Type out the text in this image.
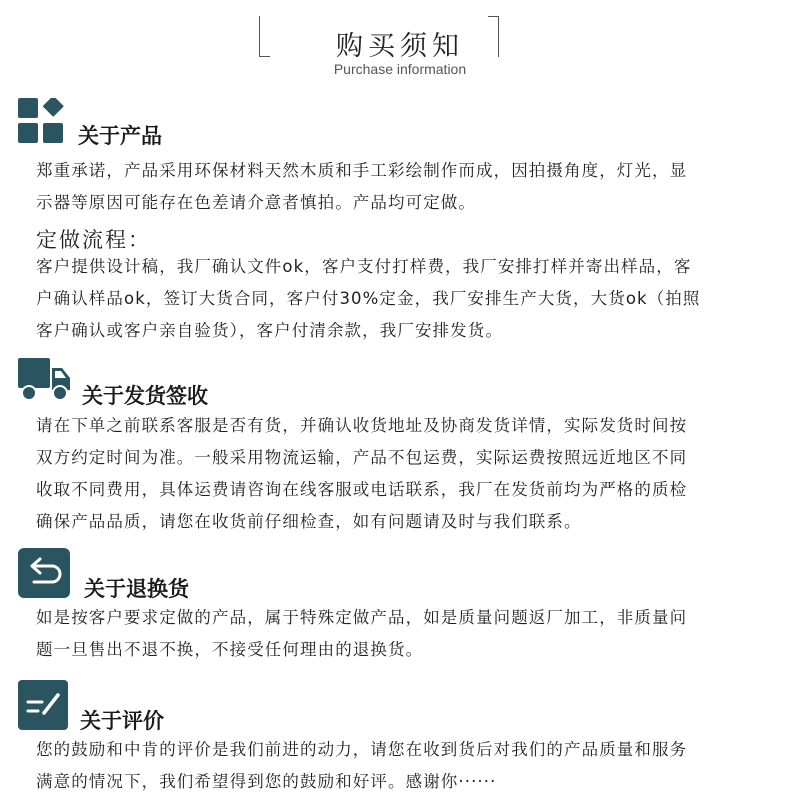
购买须知
Purchase information
关于产品
郑重承诺，产品采用环保材料天然木质和手工彩绘制作而成，因拍摄角度，灯光，显
示器等原因可能存在色差请介意者慎拍。产品均可定做。
定做流程：
客户提供设计稿，我厂确认文件ok，客户支付打样费，我厂安排打样并寄出样品，客
户确认样品ok，签订大货合同，客户付30%定金，我厂安排生产大货，大货ok（拍照
客户确认或客户亲自验货），客户付清余款，我厂安排发货。
关于发货签收
请在下单之前联系客服是否有货，并确认收货地址及协商发货详情，实际发货时间按
双方约定时间为准。一般采用物流运输，产品不包运费，实际运费按照远近地区不同
收取不同费用，具体运费请咨询在线客服或电话联系，我厂在发货前均为严格的质检
确保产品品质，请您在收货前仔细检查，如有问题请及时与我们联系。
关于退换货
如是按客户要求定做的产品，属于特殊定做产品，如是质量问题返厂加工，非质量问
题一旦售出不退不换，不接受任何理由的退换货。
关于评价
您的鼓励和中肯的评价是我们前进的动力，请您在收到货后对我们的产品质量和服务
满意的情况下，我们希望得到您的鼓励和好评。感谢你······
